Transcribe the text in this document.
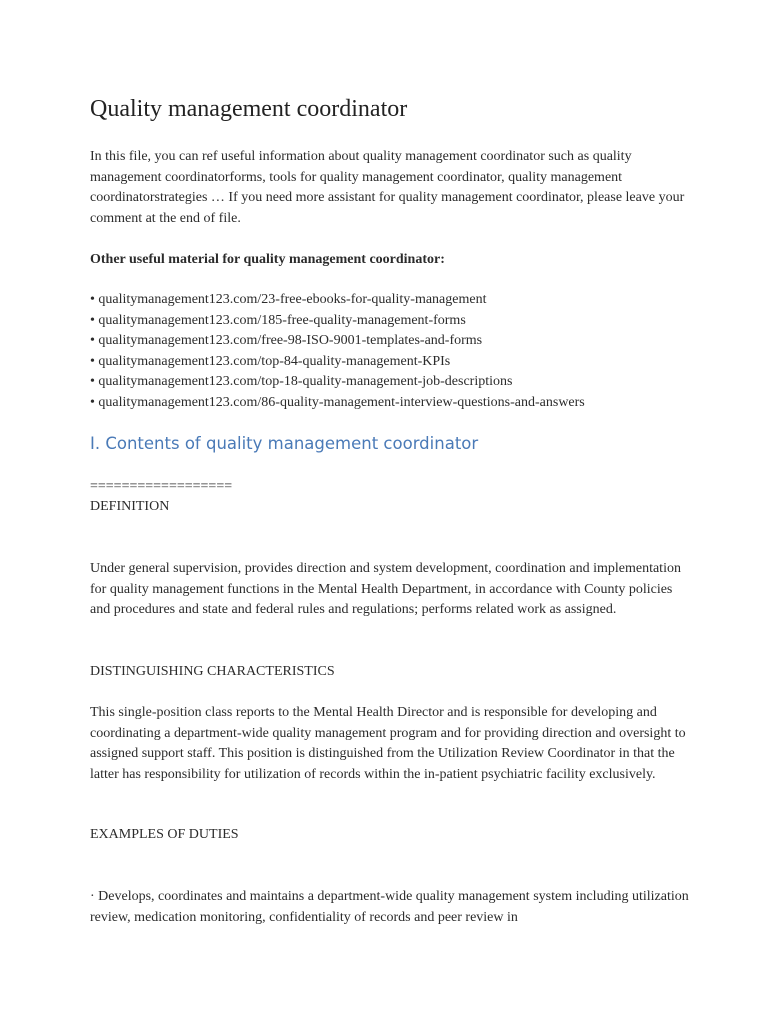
Quality management coordinator

In this file, you can ref useful information about quality management coordinator such as quality management coordinatorforms, tools for quality management coordinator, quality management coordinatorstrategies … If you need more assistant for quality management coordinator, please leave your comment at the end of file.

Other useful material for quality management coordinator:

• qualitymanagement123.com/23-free-ebooks-for-quality-management
• qualitymanagement123.com/185-free-quality-management-forms
• qualitymanagement123.com/free-98-ISO-9001-templates-and-forms
• qualitymanagement123.com/top-84-quality-management-KPIs
• qualitymanagement123.com/top-18-quality-management-job-descriptions
• qualitymanagement123.com/86-quality-management-interview-questions-and-answers
I. Contents of quality management coordinator

==================

DEFINITION

Under general supervision, provides direction and system development, coordination and implementation for quality management functions in the Mental Health Department, in accordance with County policies and procedures and state and federal rules and regulations; performs related work as assigned.

DISTINGUISHING CHARACTERISTICS

This single-position class reports to the Mental Health Director and is responsible for developing and coordinating a department-wide quality management program and for providing direction and oversight to assigned support staff. This position is distinguished from the Utilization Review Coordinator in that the latter has responsibility for utilization of records within the in-patient psychiatric facility exclusively.

EXAMPLES OF DUTIES

· Develops, coordinates and maintains a department-wide quality management system including utilization review, medication monitoring, confidentiality of records and peer review in
